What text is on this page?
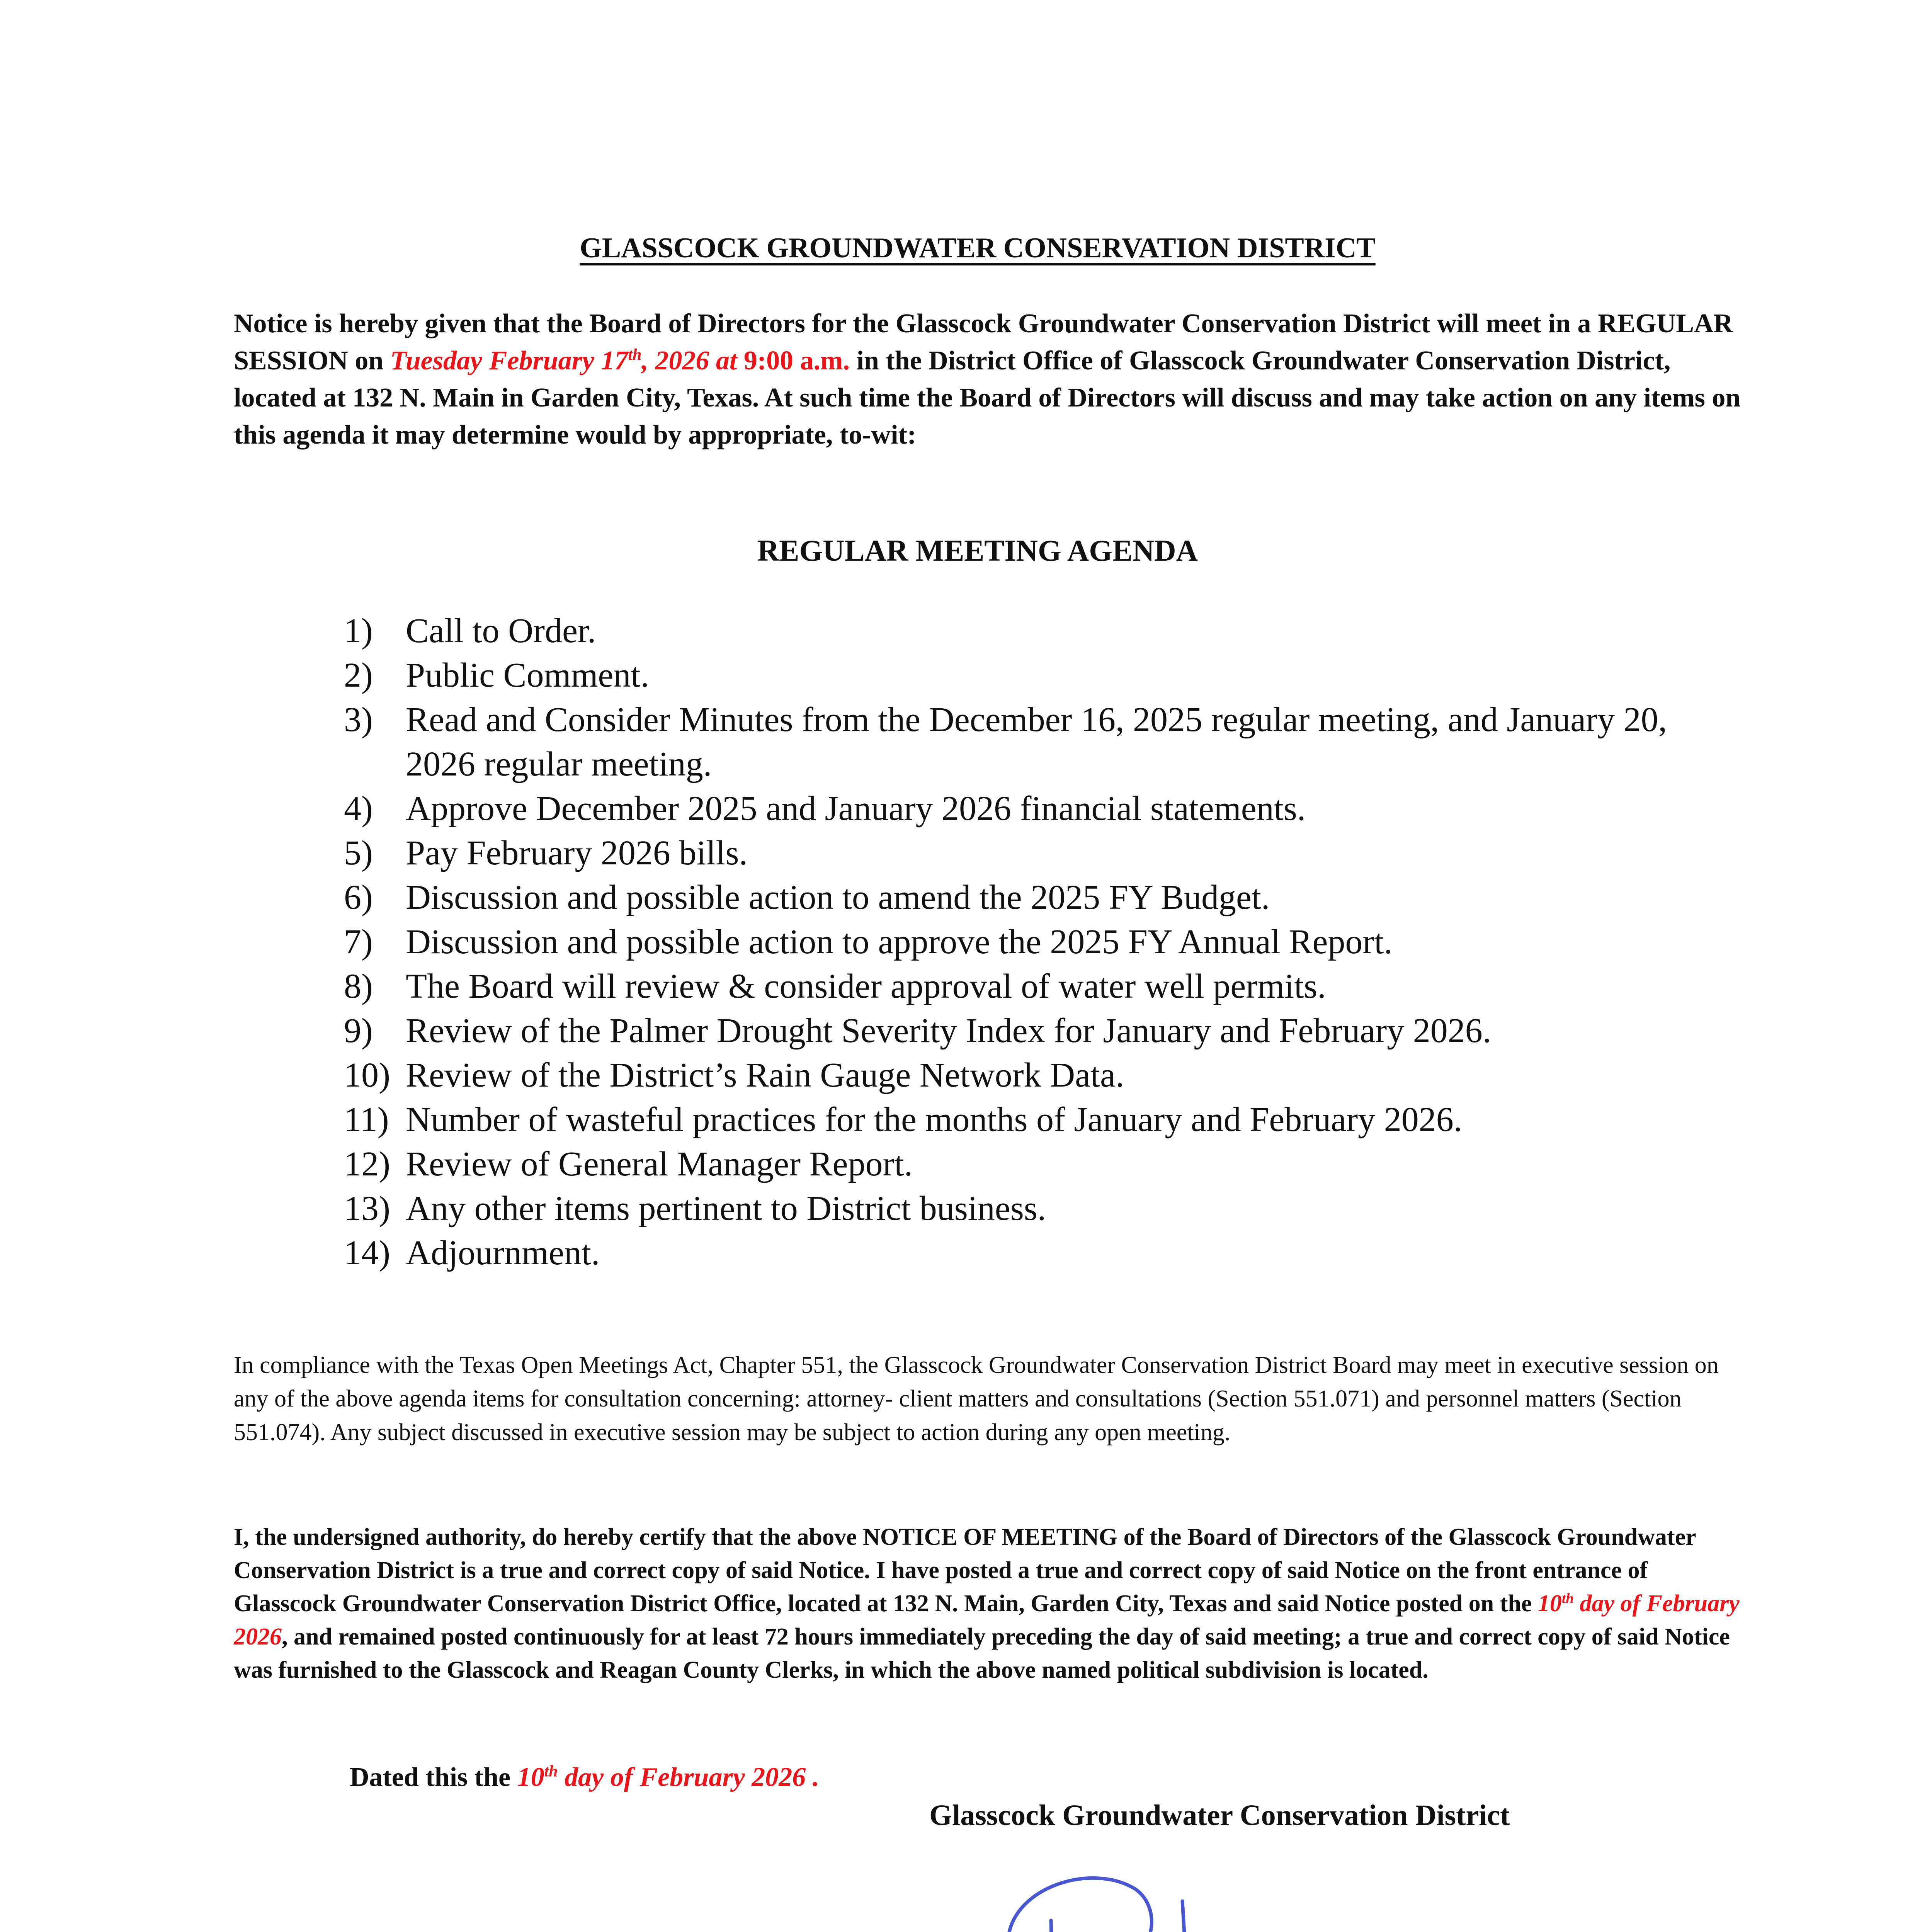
GLASSCOCK GROUNDWATER CONSERVATION DISTRICT
Notice is hereby given that the Board of Directors for the Glasscock Groundwater Conservation District will meet in a REGULAR SESSION on Tuesday February 17th, 2026 at 9:00 a.m. in the District Office of Glasscock Groundwater Conservation District, located at 132 N. Main in Garden City, Texas. At such time the Board of Directors will discuss and may take action on any items on this agenda it may determine would by appropriate, to-wit:
REGULAR MEETING AGENDA
1) Call to Order.
2) Public Comment.
3) Read and Consider Minutes from the December 16, 2025 regular meeting, and January 20, 2026 regular meeting.
4) Approve December 2025 and January 2026 financial statements.
5) Pay February 2026 bills.
6) Discussion and possible action to amend the 2025 FY Budget.
7) Discussion and possible action to approve the 2025 FY Annual Report.
8) The Board will review & consider approval of water well permits.
9) Review of the Palmer Drought Severity Index for January and February 2026.
10) Review of the District’s Rain Gauge Network Data.
11) Number of wasteful practices for the months of January and February 2026.
12) Review of General Manager Report.
13) Any other items pertinent to District business.
14) Adjournment.
In compliance with the Texas Open Meetings Act, Chapter 551, the Glasscock Groundwater Conservation District Board may meet in executive session on any of the above agenda items for consultation concerning: attorney- client matters and consultations (Section 551.071) and personnel matters (Section 551.074). Any subject discussed in executive session may be subject to action during any open meeting.
I, the undersigned authority, do hereby certify that the above NOTICE OF MEETING of the Board of Directors of the Glasscock Groundwater Conservation District is a true and correct copy of said Notice. I have posted a true and correct copy of said Notice on the front entrance of Glasscock Groundwater Conservation District Office, located at 132 N. Main, Garden City, Texas and said Notice posted on the 10th day of February 2026, and remained posted continuously for at least 72 hours immediately preceding the day of said meeting; a true and correct copy of said Notice was furnished to the Glasscock and Reagan County Clerks, in which the above named political subdivision is located.
Dated this the 10th day of February 2026 .
Glasscock Groundwater Conservation District
